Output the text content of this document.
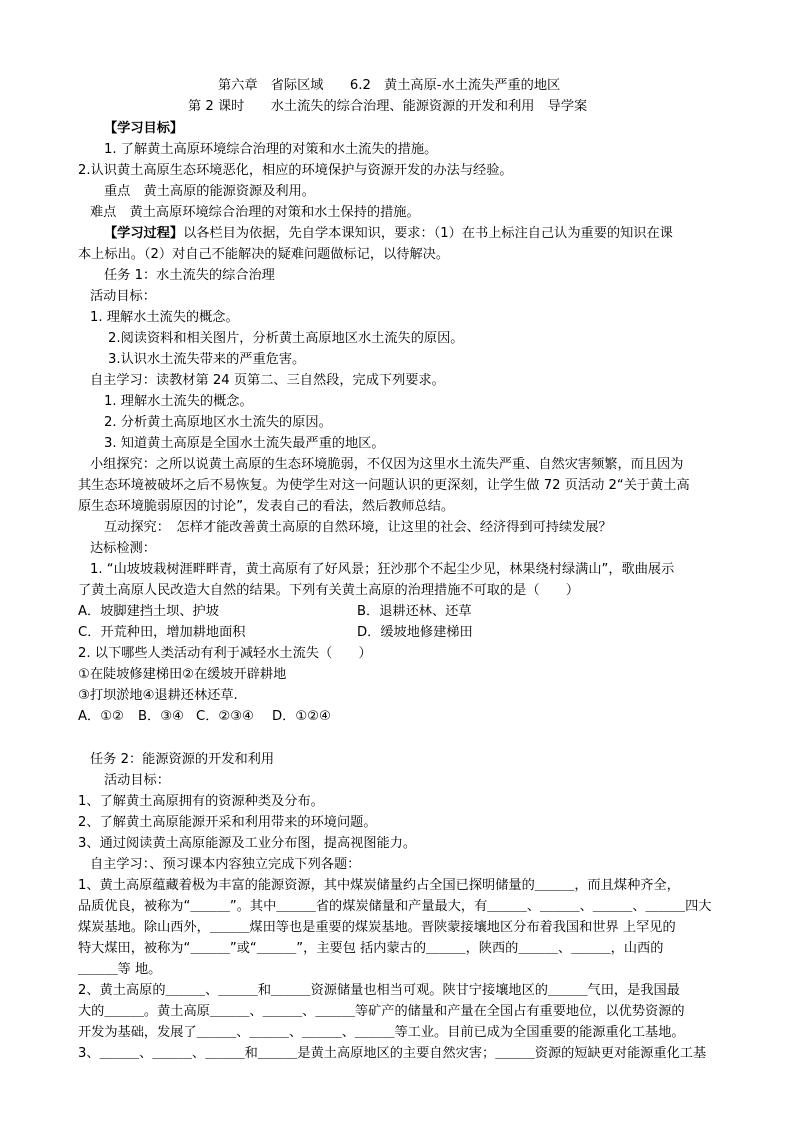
第六章　省际区域　　6.2　黄土高原-水土流失严重的地区
第 2 课时　　水土流失的综合治理、能源资源的开发和利用　导学案
【学习目标】
1. 了解黄土高原环境综合治理的对策和水土流失的措施。
2.认识黄土高原生态环境恶化，相应的环境保护与资源开发的办法与经验。
重点　黄土高原的能源资源及利用。
难点　黄土高原环境综合治理的对策和水土保持的措施。
【学习过程】以各栏目为依据，先自学本课知识，要求：（1）在书上标注自己认为重要的知识在课
本上标出。（2）对自己不能解决的疑难问题做标记，以待解决。
任务 1：水土流失的综合治理
活动目标：
1. 理解水土流失的概念。
2.阅读资料和相关图片，分析黄土高原地区水土流失的原因。
3.认识水土流失带来的严重危害。
自主学习：读教材第 24 页第二、三自然段，完成下列要求。
1. 理解水土流失的概念。
2. 分析黄土高原地区水土流失的原因。
3. 知道黄土高原是全国水土流失最严重的地区。
小组探究：之所以说黄土高原的生态环境脆弱，不仅因为这里水土流失严重、自然灾害频繁，而且因为
其生态环境被破坏之后不易恢复。为使学生对这一问题认识的更深刻，让学生做 72 页活动 2“关于黄土高
原生态环境脆弱原因的讨论”，发表自己的看法，然后教师总结。
互动探究：　怎样才能改善黄土高原的自然环境，让这里的社会、经济得到可持续发展？
达标检测：
1. “山坡坡栽树涯畔畔青，黄土高原有了好风景；狂沙那个不起尘少见，林果绕村绿满山”，歌曲展示
了黄土高原人民改造大自然的结果。下列有关黄土高原的治理措施不可取的是（　　）
A．坡脚建挡土坝、护坡	B．退耕还林、还草
C．开荒种田，增加耕地面积	D．缓坡地修建梯田
2. 以下哪些人类活动有利于减轻水土流失（　　）
①在陡坡修建梯田②在缓坡开辟耕地
③打坝淤地④退耕还林还草.
A．①② B．③④ C．②③④ D．①②④
任务 2：能源资源的开发和利用
活动目标：
1、了解黄土高原拥有的资源种类及分布。
2、了解黄土高原能源开采和利用带来的环境问题。
3、通过阅读黄土高原能源及工业分布图，提高视图能力。
自主学习：、预习课本内容独立完成下列各题：
1、黄土高原蕴藏着极为丰富的能源资源，其中煤炭储量约占全国已探明储量的＿＿＿，而且煤种齐全，
品质优良，被称为“＿＿＿”。其中＿＿＿省的煤炭储量和产量最大，有＿＿＿、＿＿＿、＿＿＿、＿＿＿四大
煤炭基地。除山西外，＿＿＿煤田等也是重要的煤炭基地。晋陕蒙接壤地区分布着我国和世界 上罕见的
特大煤田，被称为“＿＿＿”或“＿＿＿”，主要包 括内蒙古的＿＿＿，陕西的＿＿＿、＿＿＿，山西的
＿＿＿等 地。
2、黄土高原的＿＿＿、＿＿＿和＿＿＿资源储量也相当可观。陕甘宁接壤地区的＿＿＿气田，是我国最
大的＿＿＿。黄土高原＿＿＿、＿＿＿、＿＿＿等矿产的储量和产量在全国占有重要地位，以优势资源的
开发为基础，发展了＿＿＿、＿＿＿、＿＿＿、＿＿＿等工业。目前已成为全国重要的能源重化工基地。
3、＿＿＿、＿＿＿、＿＿＿和＿＿＿是黄土高原地区的主要自然灾害；＿＿＿资源的短缺更对能源重化工基
